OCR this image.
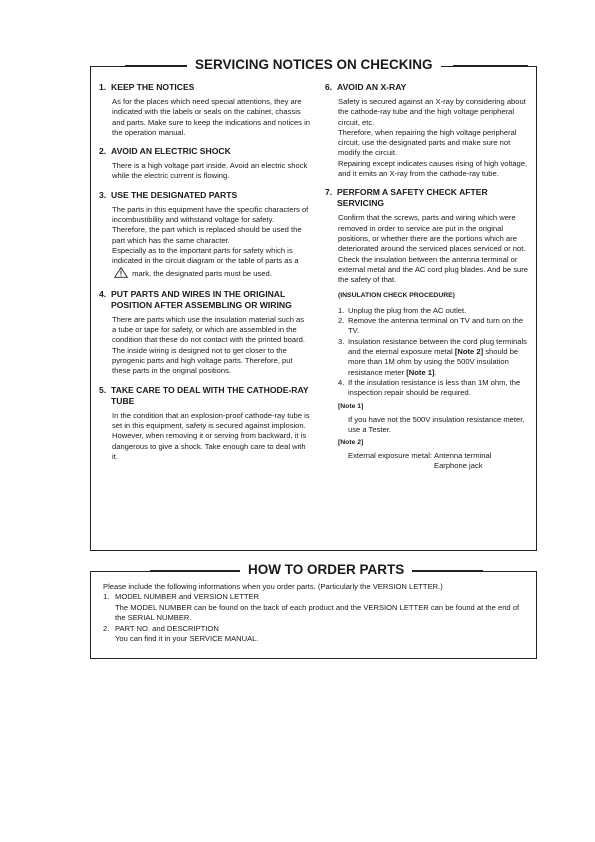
SERVICING NOTICES ON CHECKING
1. KEEP THE NOTICES

As for the places which need special attentions, they are indicated with the labels or seals on the cabinet, chassis and parts. Make sure to keep the indications and notices in the operation manual.

2. AVOID AN ELECTRIC SHOCK

There is a high voltage part inside. Avoid an electric shock while the electric current is flowing.

3. USE THE DESIGNATED PARTS

The parts in this equipment have the specific characters of incombustibility and withstand voltage for safety. Therefore, the part which is replaced should be used the part which has the same character.

Especially as to the important parts for safety which is indicated in the circuit diagram or the table of parts as a  mark, the designated parts must be used.

4. PUT PARTS AND WIRES IN THE ORIGINAL POSITION AFTER ASSEMBLING OR WIRING

There are parts which use the insulation material such as a tube or tape for safety, or which are assembled in the condition that these do not contact with the printed board. The inside wiring is designed not to get closer to the pyrogenic parts and high voltage parts. Therefore, put these parts in the original positions.

5. TAKE CARE TO DEAL WITH THE CATHODE-RAY TUBE

In the condition that an explosion-proof cathode-ray tube is set in this equipment, safety is secured against implosion. However, when removing it or serving from backward, it is dangerous to give a shock. Take enough care to deal with it.

6. AVOID AN X-RAY

Safety is secured against an X-ray by considering about the cathode-ray tube and the high voltage peripheral circuit, etc.

Therefore, when repairing the high voltage peripheral circuit, use the designated parts and make sure not modify the circuit.

Repairing except indicates causes rising of high voltage, and it emits an X-ray from the cathode-ray tube.

7. PERFORM A SAFETY CHECK AFTER SERVICING

Confirm that the screws, parts and wiring which were removed in order to service are put in the original positions, or whether there are the portions which are deteriorated around the serviced places serviced or not. Check the insulation between the antenna terminal or external metal and the AC cord plug blades. And be sure the safety of that.

(INSULATION CHECK PROCEDURE)
1. Unplug the plug from the AC outlet.
2. Remove the antenna terminal on TV and turn on the TV.
3. Insulation resistance between the cord plug terminals and the eternal exposure metal [Note 2] should be more than 1M ohm by using the 500V insulation resistance meter [Note 1].
4. If the insulation resistance is less than 1M ohm, the inspection repair should be required.
[Note 1]
If you have not the 500V insulation resistance meter, use a Tester.
[Note 2]
External exposure metal: Antenna terminal
Earphone jack
HOW TO ORDER PARTS
Please include the following informations when you order parts. (Particularly the VERSION LETTER.)
1. MODEL NUMBER and VERSION LETTER
The MODEL NUMBER can be found on the back of each product and the VERSION LETTER can be found at the end of the SERIAL NUMBER.
2. PART NO. and DESCRIPTION
You can find it in your SERVICE MANUAL.
